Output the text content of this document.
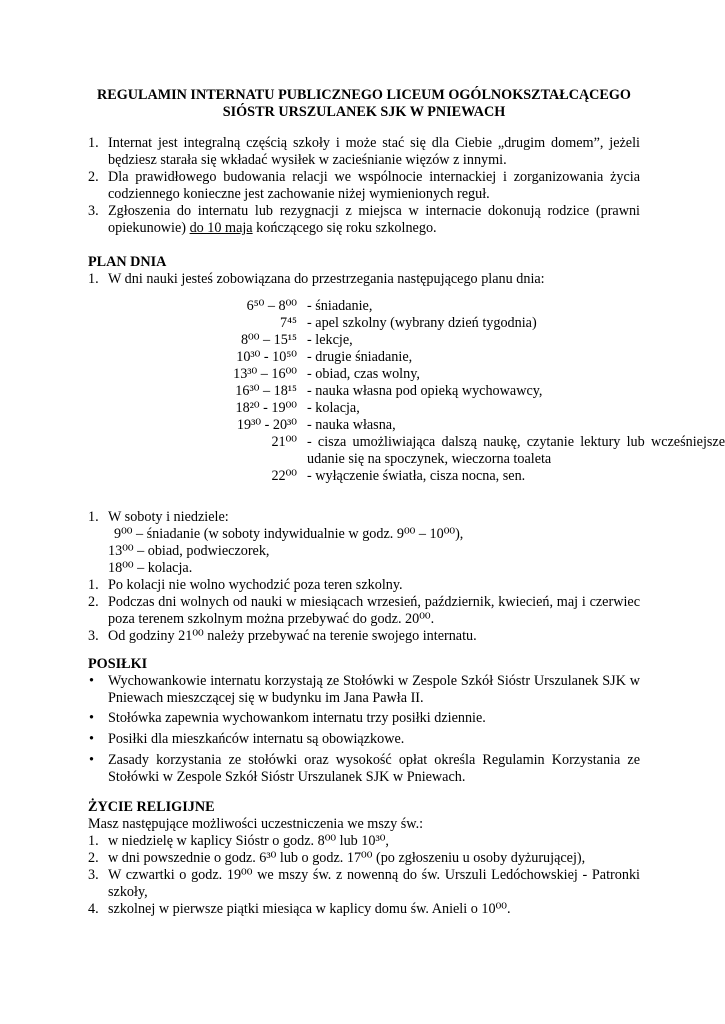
REGULAMIN INTERNATU PUBLICZNEGO LICEUM OGÓLNOKSZTAŁCĄCEGO
SIÓSTR URSZULANEK SJK W PNIEWACH
1. Internat jest integralną częścią szkoły i może stać się dla Ciebie „drugim domem”, jeżeli będziesz starała się wkładać wysiłek w zacieśnianie więzów z innymi.
2. Dla prawidłowego budowania relacji we wspólnocie internackiej i zorganizowania życia codziennego konieczne jest zachowanie niżej wymienionych reguł.
3. Zgłoszenia do internatu lub rezygnacji z miejsca w internacie dokonują rodzice (prawni opiekunowie) do 10 maja kończącego się roku szkolnego.
PLAN DNIA
1. W dni nauki jesteś zobowiązana do przestrzegania następującego planu dnia:
6⁵⁰ – 8⁰⁰ - śniadanie,
7⁴⁵ - apel szkolny (wybrany dzień tygodnia)
8⁰⁰ – 15¹⁵ - lekcje,
10³⁰ - 10⁵⁰ - drugie śniadanie,
13³⁰ – 16⁰⁰ - obiad, czas wolny,
16³⁰ – 18¹⁵ - nauka własna pod opieką wychowawcy,
18²⁰ - 19⁰⁰ - kolacja,
19³⁰ - 20³⁰ - nauka własna,
21⁰⁰ - cisza umożliwiająca dalszą naukę, czytanie lektury lub wcześniejsze udanie się na spoczynek, wieczorna toaleta
22⁰⁰ - wyłączenie światła, cisza nocna, sen.
1. W soboty i niedziele:
9⁰⁰ – śniadanie (w soboty indywidualnie w godz. 9⁰⁰ – 10⁰⁰),
13⁰⁰ – obiad, podwieczorek,
18⁰⁰ – kolacja.
1. Po kolacji nie wolno wychodzić poza teren szkolny.
2. Podczas dni wolnych od nauki w miesiącach wrzesień, październik, kwiecień, maj i czerwiec poza terenem szkolnym można przebywać do godz. 20⁰⁰.
3. Od godziny 21⁰⁰ należy przebywać na terenie swojego internatu.
POSIŁKI
• Wychowankowie internatu korzystają ze Stołówki w Zespole Szkół Sióstr Urszulanek SJK w Pniewach mieszczącej się w budynku im Jana Pawła II.
• Stołówka zapewnia wychowankom internatu trzy posiłki dziennie.
• Posiłki dla mieszkańców internatu są obowiązkowe.
• Zasady korzystania ze stołówki oraz wysokość opłat określa Regulamin Korzystania ze Stołówki w Zespole Szkół Sióstr Urszulanek SJK w Pniewach.
ŻYCIE RELIGIJNE
Masz następujące możliwości uczestniczenia we mszy św.:
1. w niedzielę w kaplicy Sióstr o godz. 8⁰⁰ lub 10³⁰,
2. w dni powszednie o godz. 6³⁰ lub o godz. 17⁰⁰ (po zgłoszeniu u osoby dyżurującej),
3. W czwartki o godz. 19⁰⁰ we mszy św. z nowenną do św. Urszuli Ledóchowskiej - Patronki szkoły,
4. szkolnej w pierwsze piątki miesiąca w kaplicy domu św. Anieli o 10⁰⁰.
